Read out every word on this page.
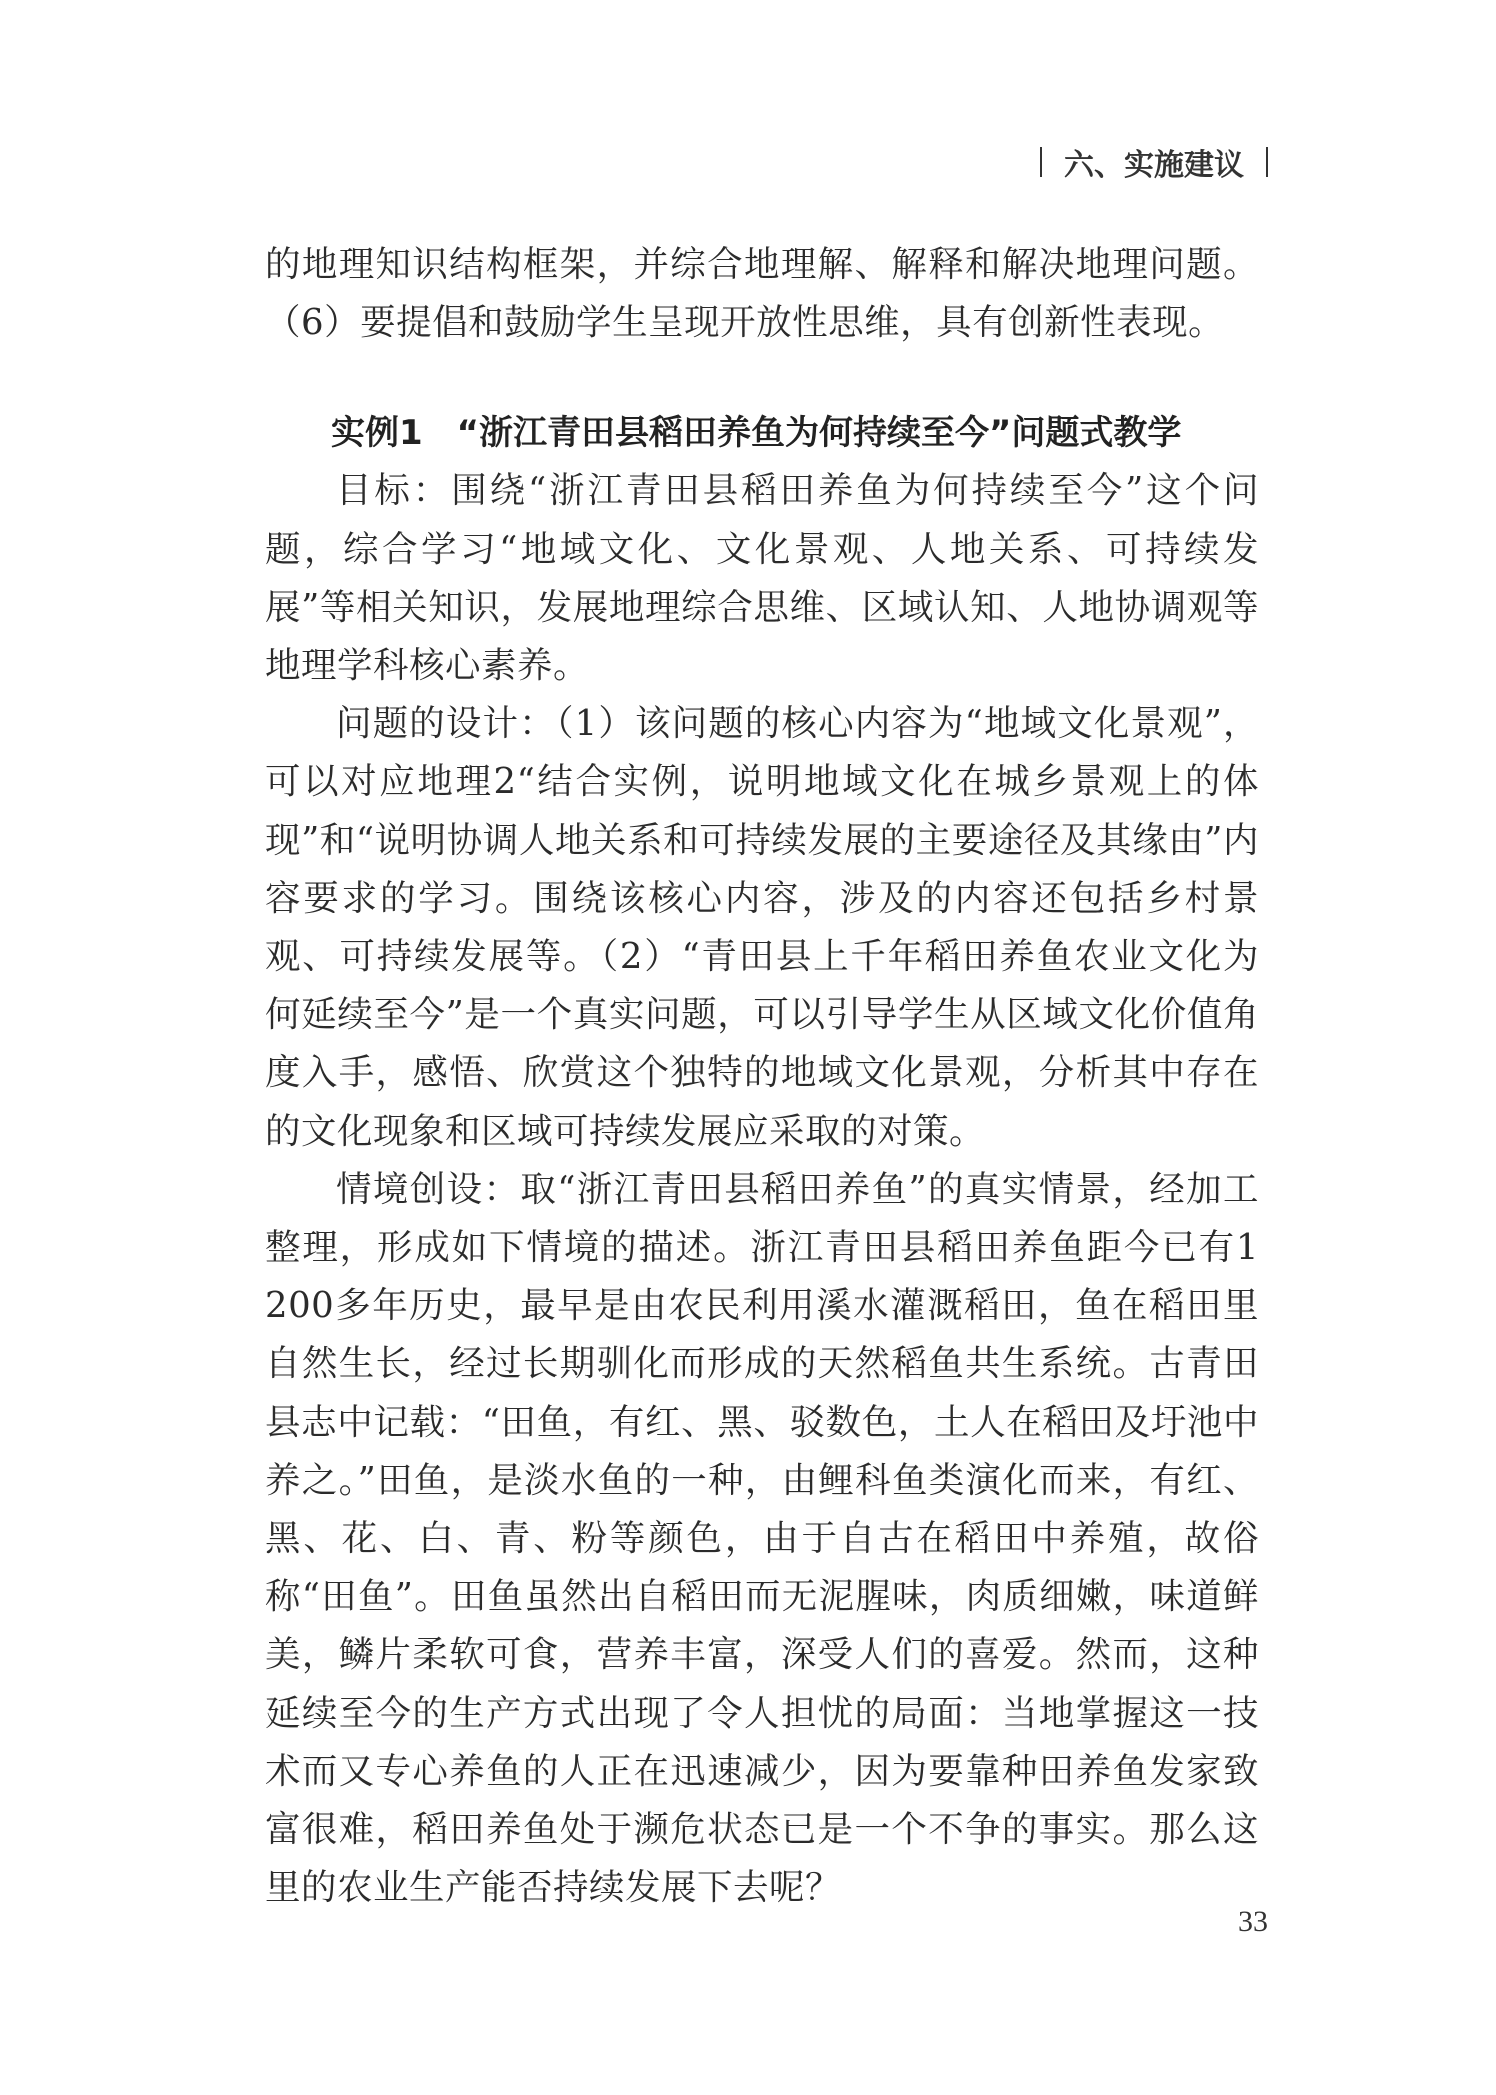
六、实施建议

的地理知识结构框架，并综合地理解、解释和解决地理问题。（6）要提倡和鼓励学生呈现开放性思维，具有创新性表现。

实例1　“浙江青田县稻田养鱼为何持续至今”问题式教学

目标：围绕“浙江青田县稻田养鱼为何持续至今”这个问题，综合学习“地域文化、文化景观、人地关系、可持续发展”等相关知识，发展地理综合思维、区域认知、人地协调观等地理学科核心素养。

问题的设计：（1）该问题的核心内容为“地域文化景观”，可以对应地理2“结合实例，说明地域文化在城乡景观上的体现”和“说明协调人地关系和可持续发展的主要途径及其缘由”内容要求的学习。围绕该核心内容，涉及的内容还包括乡村景观、可持续发展等。（2）“青田县上千年稻田养鱼农业文化为何延续至今”是一个真实问题，可以引导学生从区域文化价值角度入手，感悟、欣赏这个独特的地域文化景观，分析其中存在的文化现象和区域可持续发展应采取的对策。

情境创设：取“浙江青田县稻田养鱼”的真实情景，经加工整理，形成如下情境的描述。浙江青田县稻田养鱼距今已有1 200多年历史，最早是由农民利用溪水灌溉稻田，鱼在稻田里自然生长，经过长期驯化而形成的天然稻鱼共生系统。古青田县志中记载：“田鱼，有红、黑、驳数色，土人在稻田及圩池中养之。”田鱼，是淡水鱼的一种，由鲤科鱼类演化而来，有红、黑、花、白、青、粉等颜色，由于自古在稻田中养殖，故俗称“田鱼”。田鱼虽然出自稻田而无泥腥味，肉质细嫩，味道鲜美，鳞片柔软可食，营养丰富，深受人们的喜爱。然而，这种延续至今的生产方式出现了令人担忧的局面：当地掌握这一技术而又专心养鱼的人正在迅速减少，因为要靠种田养鱼发家致富很难，稻田养鱼处于濒危状态已是一个不争的事实。那么这里的农业生产能否持续发展下去呢？

33
